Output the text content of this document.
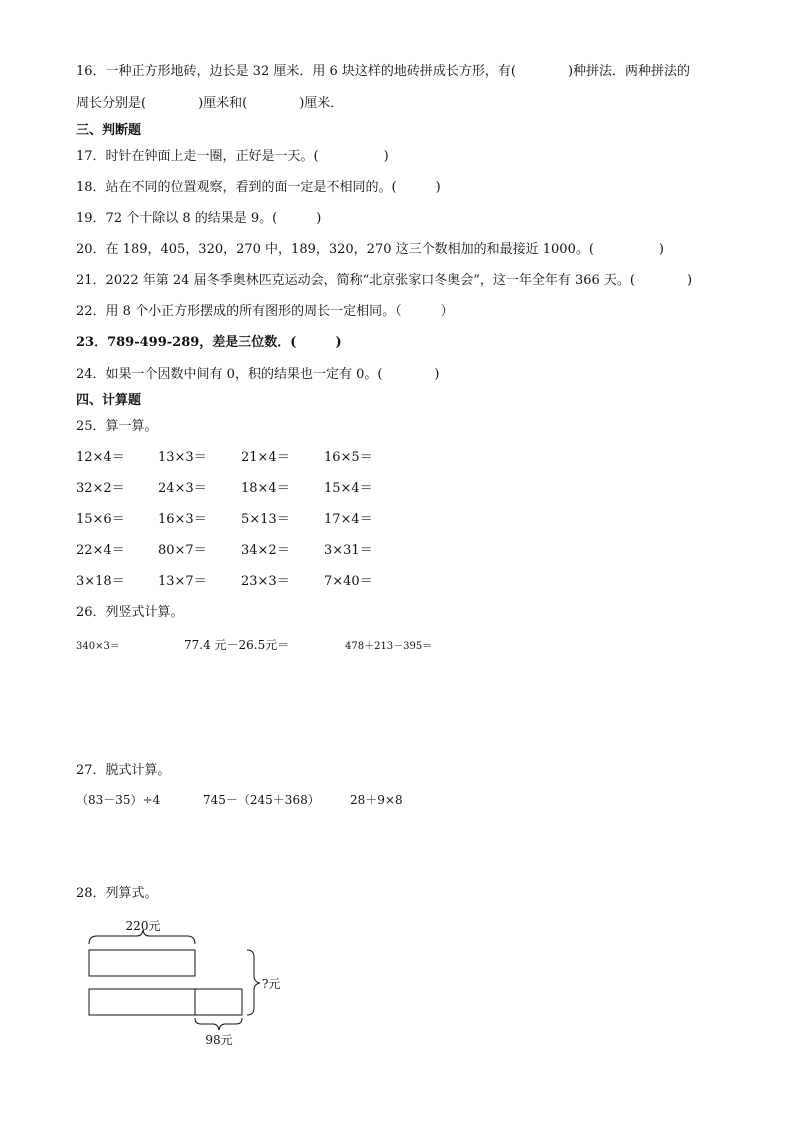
16．一种正方形地砖，边长是 32 厘米．用 6 块这样的地砖拼成长方形，有(　　　　)种拼法．两种拼法的
周长分别是(　　　　)厘米和(　　　　)厘米．
三、判断题
17．时针在钟面上走一圈，正好是一天。(　　　　　)
18．站在不同的位置观察，看到的面一定是不相同的。(　　　)
19．72 个十除以 8 的结果是 9。(　　　)
20．在 189，405，320，270 中，189，320，270 这三个数相加的和最接近 1000。(　　　　　)
21．2022 年第 24 届冬季奥林匹克运动会，简称“北京张家口冬奥会”，这一年全年有 366 天。(　　　　)
22．用 8 个小正方形摆成的所有图形的周长一定相同。（　　　）
23．789-499-289，差是三位数．(　　　)
24．如果一个因数中间有 0，积的结果也一定有 0。(　　　　)
四、计算题
25．算一算。
12×4＝	13×3＝	21×4＝	16×5＝
32×2＝	24×3＝	18×4＝	15×4＝
15×6＝	16×3＝	5×13＝	17×4＝
22×4＝	80×7＝	34×2＝	3×31＝
3×18＝	13×7＝	23×3＝	7×40＝
26．列竖式计算。
340×3＝	77.4 元－26.5元＝	478＋213－395＝
27．脱式计算。
（83－35）÷4	745－（245＋368）	28＋9×8
28．列算式。
220元
?元
98元
